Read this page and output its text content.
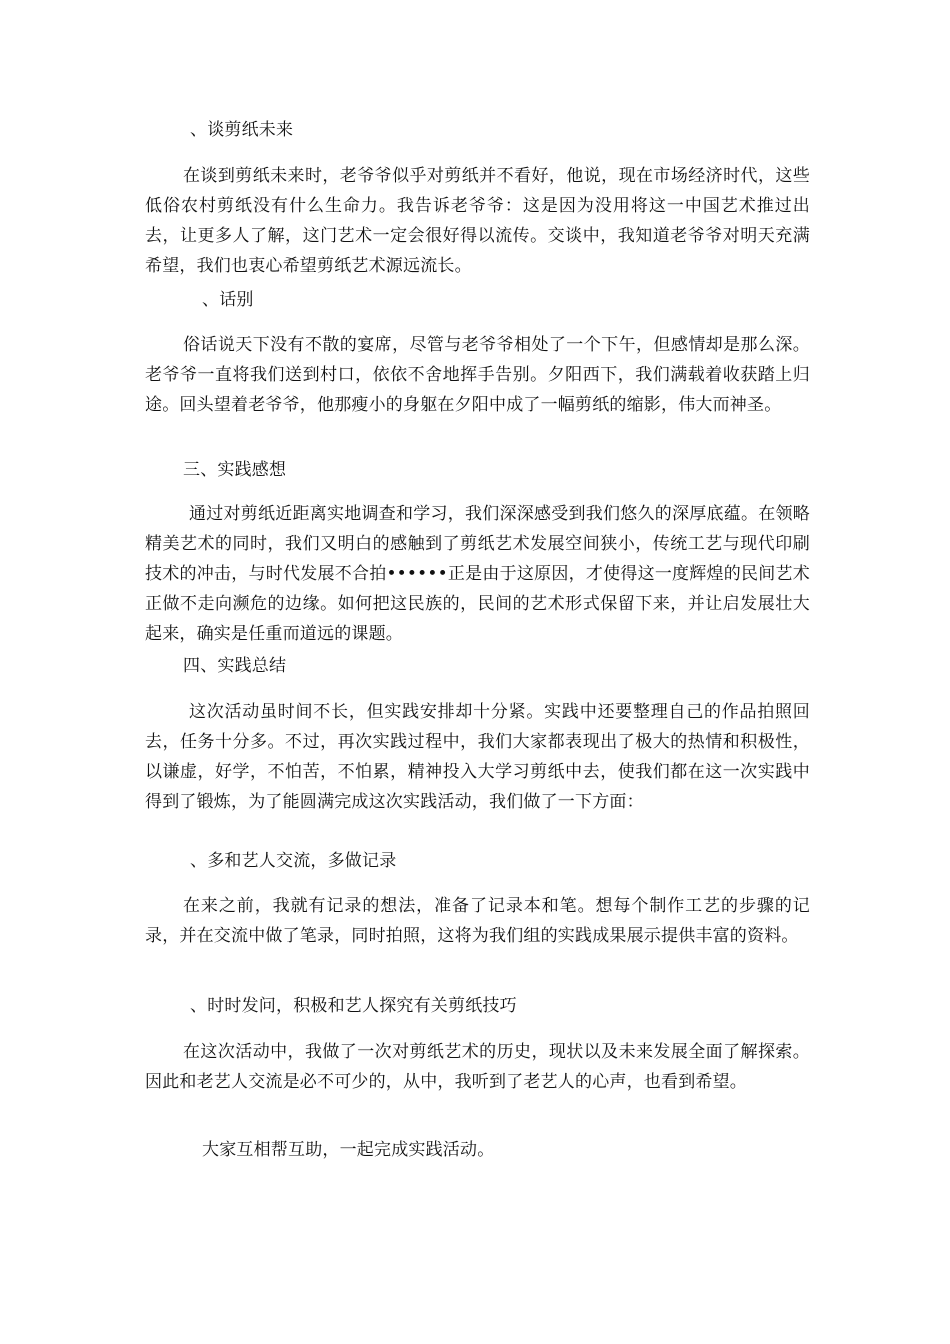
、谈剪纸未来

在谈到剪纸未来时，老爷爷似乎对剪纸并不看好，他说，现在市场经济时代，这些低俗农村剪纸没有什么生命力。我告诉老爷爷：这是因为没用将这一中国艺术推过出去，让更多人了解，这门艺术一定会很好得以流传。交谈中，我知道老爷爷对明天充满希望，我们也衷心希望剪纸艺术源远流长。

、话别

俗话说天下没有不散的宴席，尽管与老爷爷相处了一个下午，但感情却是那么深。老爷爷一直将我们送到村口，依依不舍地挥手告别。夕阳西下，我们满载着收获踏上归途。回头望着老爷爷，他那瘦小的身躯在夕阳中成了一幅剪纸的缩影，伟大而神圣。

三、实践感想

通过对剪纸近距离实地调查和学习，我们深深感受到我们悠久的深厚底蕴。在领略精美艺术的同时，我们又明白的感触到了剪纸艺术发展空间狭小，传统工艺与现代印刷技术的冲击，与时代发展不合拍••••••正是由于这原因，才使得这一度辉煌的民间艺术正做不走向濒危的边缘。如何把这民族的，民间的艺术形式保留下来，并让启发展壮大起来，确实是任重而道远的课题。

四、实践总结

这次活动虽时间不长，但实践安排却十分紧。实践中还要整理自己的作品拍照回去，任务十分多。不过，再次实践过程中，我们大家都表现出了极大的热情和积极性，以谦虚，好学，不怕苦，不怕累，精神投入大学习剪纸中去，使我们都在这一次实践中得到了锻炼，为了能圆满完成这次实践活动，我们做了一下方面：

、多和艺人交流，多做记录

在来之前，我就有记录的想法，准备了记录本和笔。想每个制作工艺的步骤的记录，并在交流中做了笔录，同时拍照，这将为我们组的实践成果展示提供丰富的资料。

、时时发问，积极和艺人探究有关剪纸技巧

在这次活动中，我做了一次对剪纸艺术的历史，现状以及未来发展全面了解探索。因此和老艺人交流是必不可少的，从中，我听到了老艺人的心声，也看到希望。

大家互相帮互助，一起完成实践活动。
